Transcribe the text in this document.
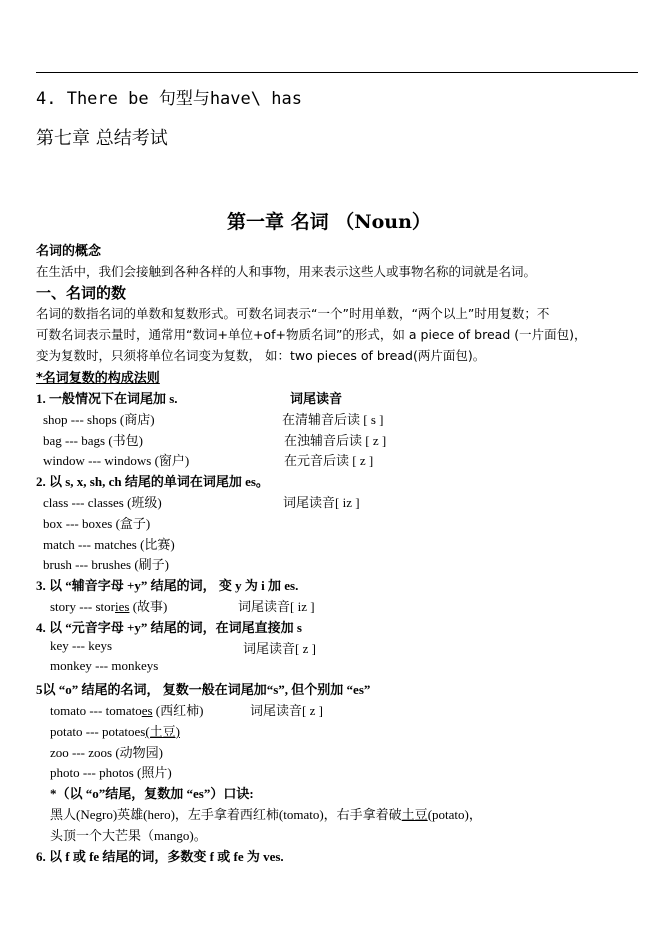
4. There be 句型与have\ has
第七章 总结考试
第一章 名词 （Noun）
名词的概念
在生活中，我们会接触到各种各样的人和事物，用来表示这些人或事物名称的词就是名词。
一、名词的数
名词的数指名词的单数和复数形式。可数名词表示“一个”时用单数，“两个以上”时用复数；不
可数名词表示量时，通常用“数词+单位+of+物质名词”的形式，如 a piece of bread (一片面包)，
变为复数时，只须将单位名词变为复数， 如：two pieces of bread(两片面包)。
*名词复数的构成法则
1. 一般情况下在词尾加 s.	词尾读音
shop --- shops (商店)	在清辅音后读 [ s ]
bag --- bags (书包)	在浊辅音后读 [ z ]
window --- windows (窗户)	在元音后读 [ z ]
2. 以 s, x, sh, ch 结尾的单词在词尾加 es。
class --- classes (班级)	词尾读音[ iz ]
box --- boxes (盒子)
match --- matches (比赛)
brush --- brushes (刷子)
3. 以 “辅音字母 +y” 结尾的词， 变 y 为 i 加 es.
story --- stories (故事)	词尾读音[ iz ]
4. 以 “元音字母 +y” 结尾的词，在词尾直接加 s
key --- keys	词尾读音[ z ]
monkey --- monkeys
5以 “o” 结尾的名词， 复数一般在词尾加“s”, 但个别加 “es”
tomato --- tomatoes (西红柿)	词尾读音[ z ]
potato --- potatoes(土豆)
zoo --- zoos (动物园)
photo --- photos (照片)
*（以 “o”结尾，复数加 “es”）口诀:
黑人(Negro)英雄(hero)，左手拿着西红柿(tomato)，右手拿着破土豆(potato)，
头顶一个大芒果（mango)。
6. 以 f 或 fe 结尾的词，多数变 f 或 fe 为 ves.
